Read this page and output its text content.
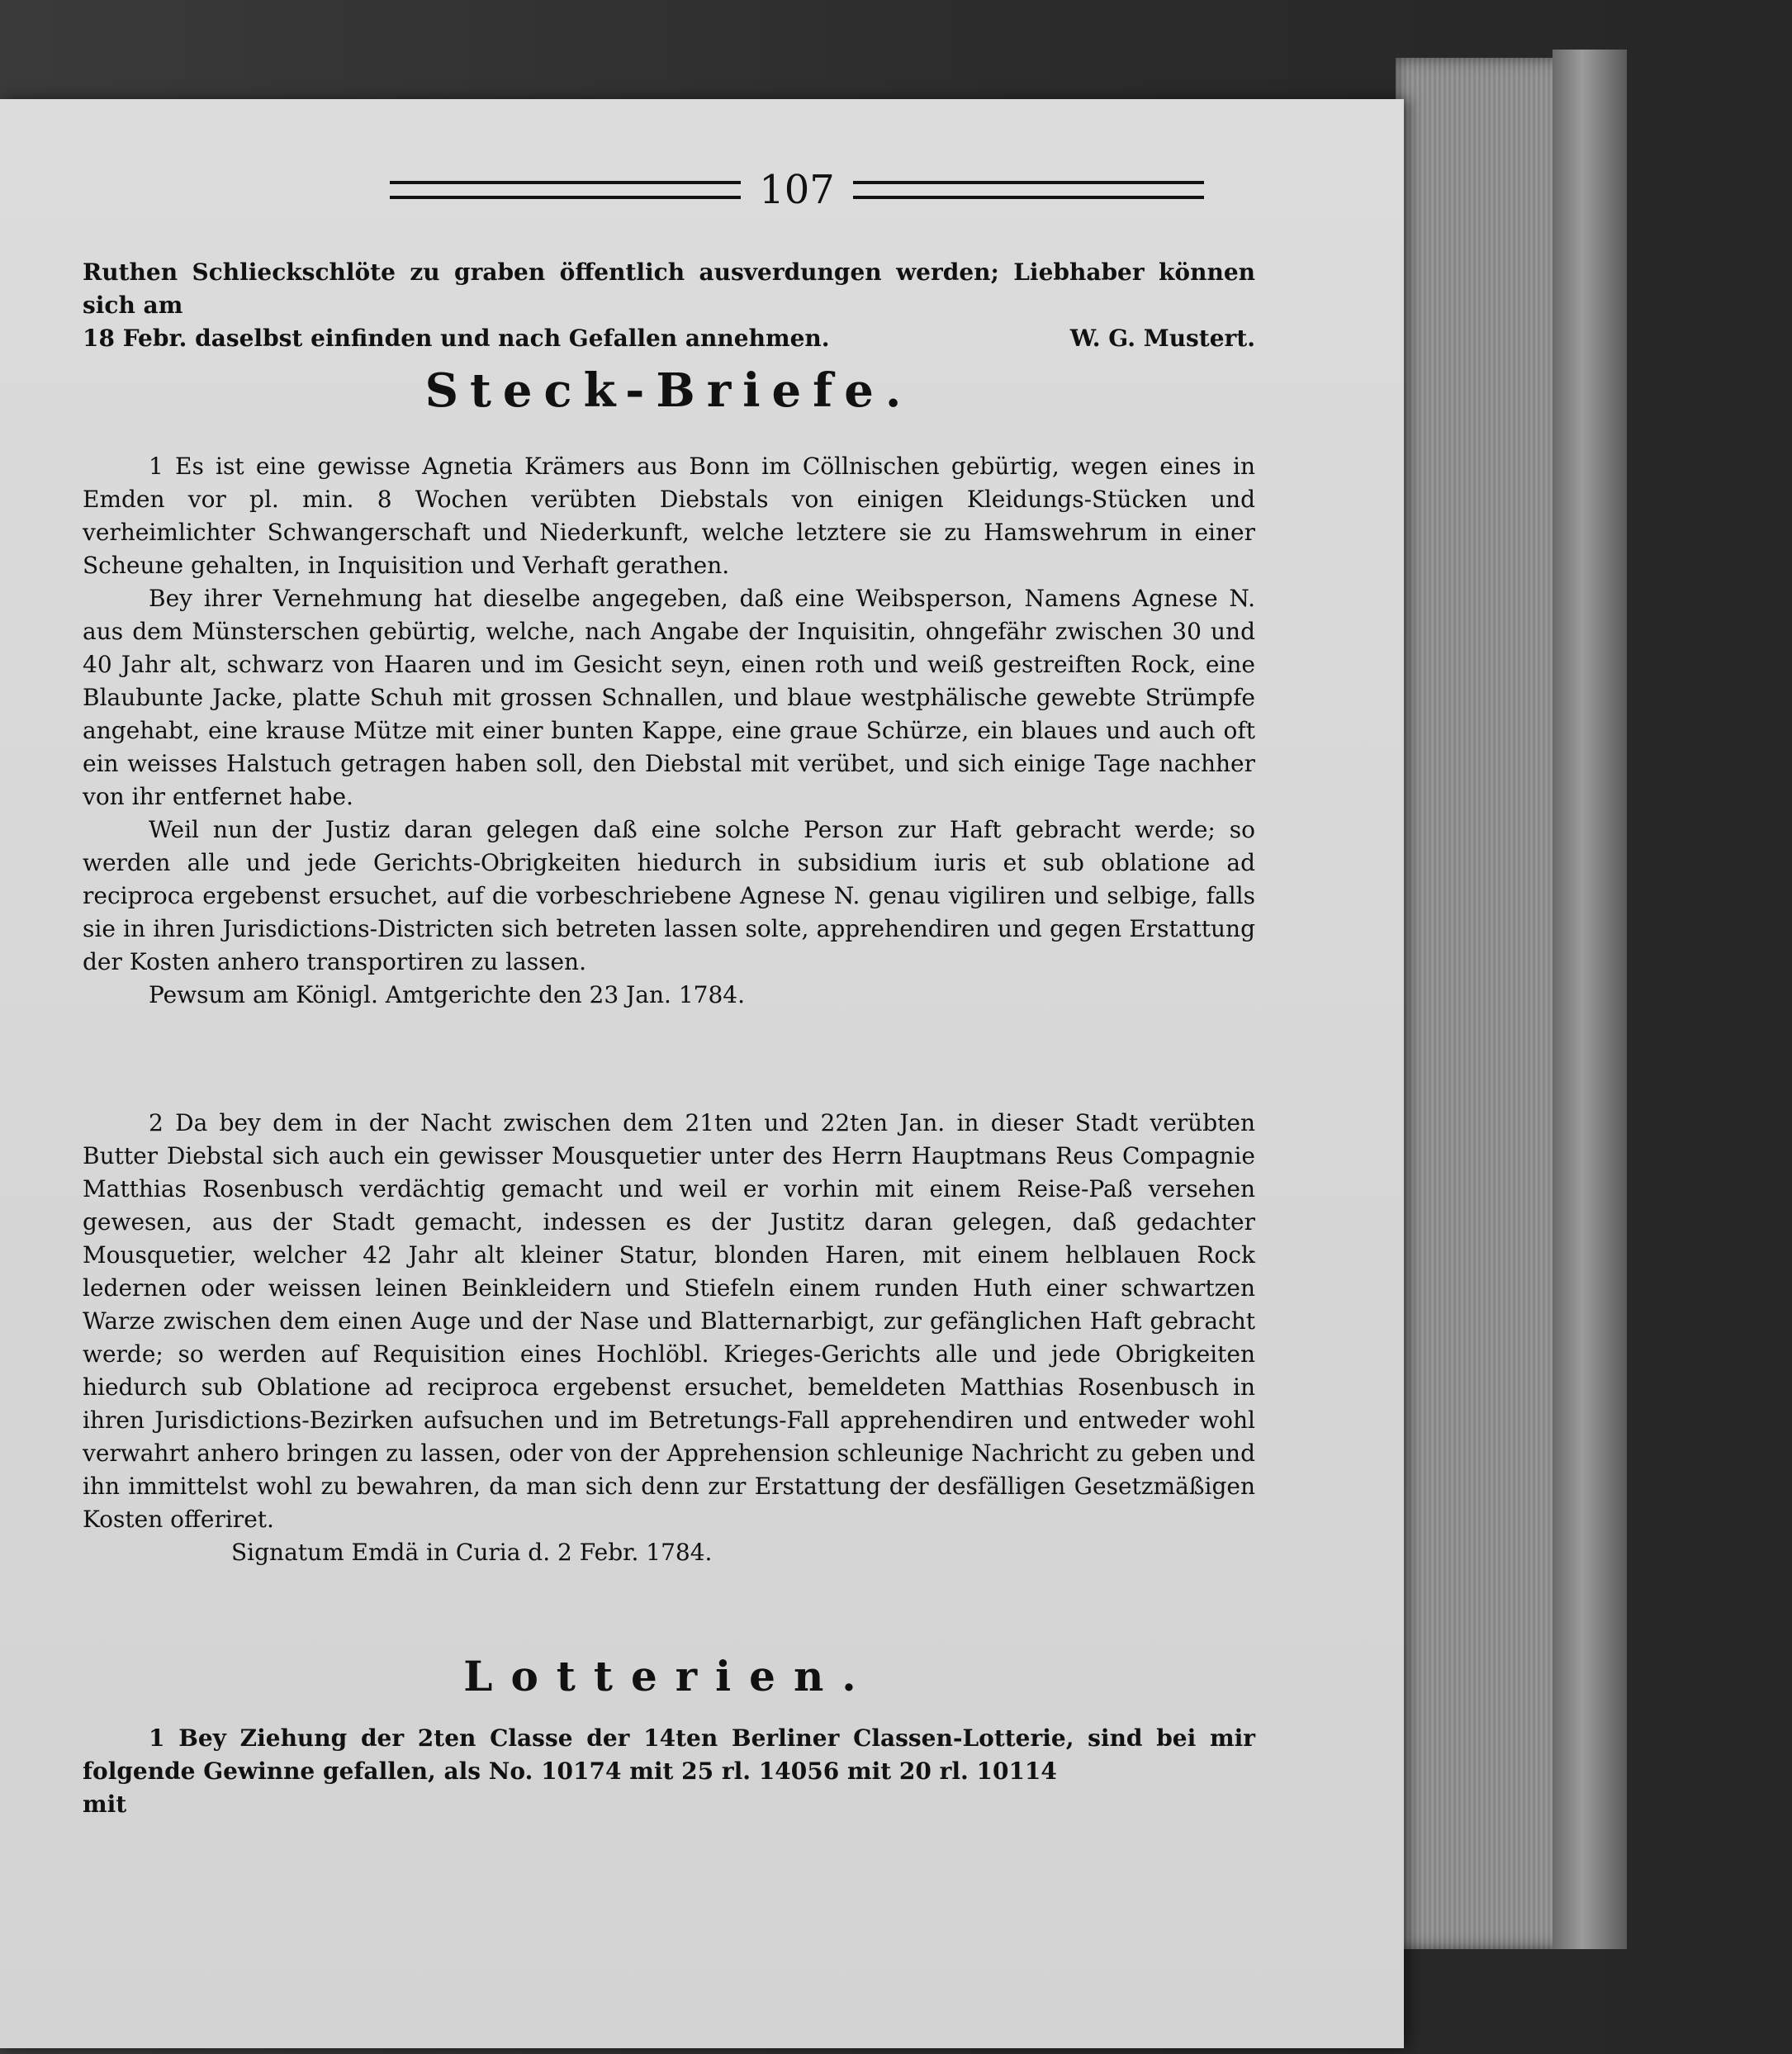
107

Ruthen Schlieckschlöte zu graben öffentlich ausverdungen werden; Liebhaber können sich am

18 Febr. daselbst einfinden und nach Gefallen annehmen.	W. G. Mustert.
Steck-Briefe.

1 Es ist eine gewisse Agnetia Krämers aus Bonn im Cöllnischen gebürtig, wegen eines in Emden vor pl. min. 8 Wochen verübten Diebstals von einigen Kleidungs-Stücken und verheimlichter Schwangerschaft und Niederkunft, welche letztere sie zu Hamswehrum in einer Scheune gehalten, in Inquisition und Verhaft gerathen.

Bey ihrer Vernehmung hat dieselbe angegeben, daß eine Weibsperson, Namens Agnese N. aus dem Münsterschen gebürtig, welche, nach Angabe der Inquisitin, ohngefähr zwischen 30 und 40 Jahr alt, schwarz von Haaren und im Gesicht seyn, einen roth und weiß gestreiften Rock, eine Blaubunte Jacke, platte Schuh mit grossen Schnallen, und blaue westphälische gewebte Strümpfe angehabt, eine krause Mütze mit einer bunten Kappe, eine graue Schürze, ein blaues und auch oft ein weisses Halstuch getragen haben soll, den Diebstal mit verübet, und sich einige Tage nachher von ihr entfernet habe.

Weil nun der Justiz daran gelegen daß eine solche Person zur Haft gebracht werde; so werden alle und jede Gerichts-Obrigkeiten hiedurch in subsidium iuris et sub oblatione ad reciproca ergebenst ersuchet, auf die vorbeschriebene Agnese N. genau vigiliren und selbige, falls sie in ihren Jurisdictions-Districten sich betreten lassen solte, apprehendiren und gegen Erstattung der Kosten anhero transportiren zu lassen.

Pewsum am Königl. Amtgerichte den 23 Jan. 1784.

2 Da bey dem in der Nacht zwischen dem 21ten und 22ten Jan. in dieser Stadt verübten Butter Diebstal sich auch ein gewisser Mousquetier unter des Herrn Hauptmans Reus Compagnie Matthias Rosenbusch verdächtig gemacht und weil er vorhin mit einem Reise-Paß versehen gewesen, aus der Stadt gemacht, indessen es der Justitz daran gelegen, daß gedachter Mousquetier, welcher 42 Jahr alt kleiner Statur, blonden Haren, mit einem helblauen Rock ledernen oder weissen leinen Beinkleidern und Stiefeln einem runden Huth einer schwartzen Warze zwischen dem einen Auge und der Nase und Blatternarbigt, zur gefänglichen Haft gebracht werde; so werden auf Requisition eines Hochlöbl. Krieges-Gerichts alle und jede Obrigkeiten hiedurch sub Oblatione ad reciproca ergebenst ersuchet, bemeldeten Matthias Rosenbusch in ihren Jurisdictions-Bezirken aufsuchen und im Betretungs-Fall apprehendiren und entweder wohl verwahrt anhero bringen zu lassen, oder von der Apprehension schleunige Nachricht zu geben und ihn immittelst wohl zu bewahren, da man sich denn zur Erstattung der desfälligen Gesetzmäßigen Kosten offeriret.

Signatum Emdä in Curia d. 2 Febr. 1784.

Lotterien.

1 Bey Ziehung der 2ten Classe der 14ten Berliner Classen-Lotterie, sind bei mir folgende Gewinne gefallen, als No. 10174 mit 25 rl. 14056 mit 20 rl. 10114

mit
